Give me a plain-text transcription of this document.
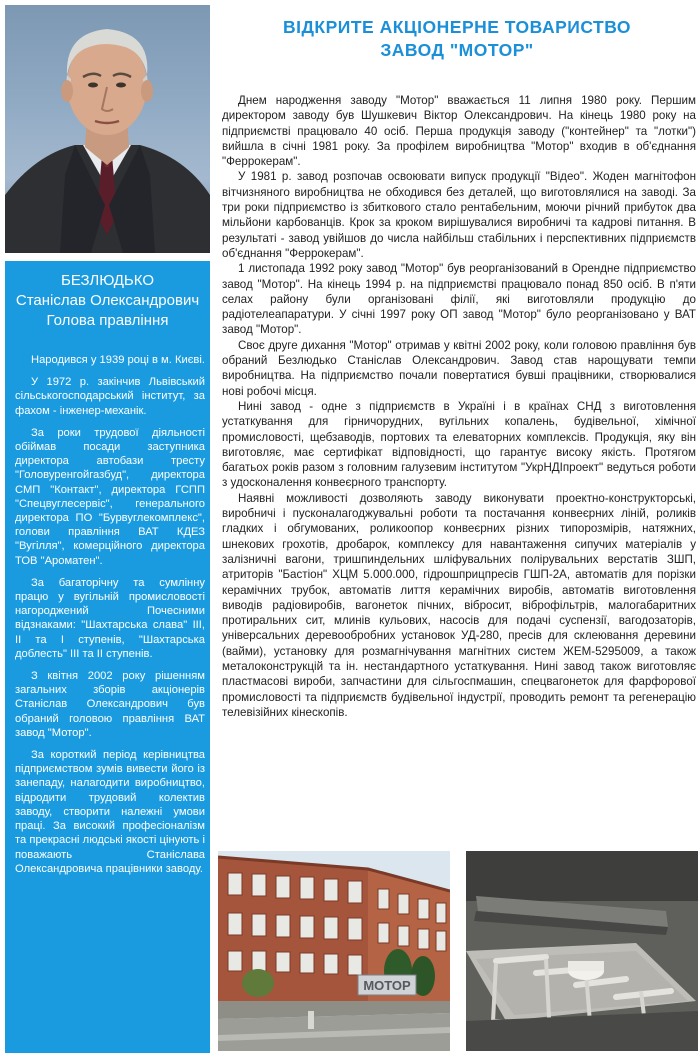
БЕЗЛЮДЬКО
Станіслав Олександрович
Голова правління

Народився у 1939 році в м. Києві.

У 1972 р. закінчив Львівський сільськогосподарський інститут, за фахом - інженер-механік.

За роки трудової діяльності обіймав посади заступника директора автобази тресту "Головуренгойгазбуд", директора СМП "Контакт", директора ГСПП "Спецвуглесервіс", генерального директора ПО "Бурвуглекомплекс", голови правління ВАТ КДЕЗ "Вугілля", комерційного директора ТОВ "Ароматен".

За багаторічну та сумлінну працю у вугільній промисловості нагороджений Почесними відзнаками: "Шахтарська слава" III, II та I ступенів, "Шахтарська доблесть" III та II ступенів.

З квітня 2002 року рішенням загальних зборів акціонерів Станіслав Олександрович був обраний головою правління ВАТ завод "Мотор".

За короткий період керівництва підприємством зумів вивести його із занепаду, налагодити виробництво, відродити трудовий колектив заводу, створити належні умови праці. За високий професіоналізм та прекрасні людські якості цінують і поважають Станіслава Олександровича працівники заводу.

ВІДКРИТЕ АКЦІОНЕРНЕ ТОВАРИСТВО
ЗАВОД "МОТОР"

Днем народження заводу "Мотор" вважається 11 липня 1980 року. Першим директором заводу був Шушкевич Віктор Олександрович. На кінець 1980 року на підприємстві працювало 40 осіб. Перша продукція заводу ("контейнер" та "лотки") вийшла в січні 1981 року. За профілем виробництва "Мотор" входив в об'єднання "Феррокерам".

У 1981 р. завод розпочав освоювати випуск продукції "Відео". Жоден магнітофон вітчизняного виробництва не обходився без деталей, що виготовлялися на заводі. За три роки підприємство із збиткового стало рентабельним, моючи річний прибуток два мільйони карбованців. Крок за кроком вирішувалися виробничі та кадрові питання. В результаті - завод увійшов до числа найбільш стабільних і перспективних підприємств об'єднання "Феррокерам".

1 листопада 1992 року завод "Мотор" був реорганізований в Орендне підприємство завод "Мотор". На кінець 1994 р. на підприємстві працювало понад 850 осіб. В п'яти селах району були організовані філії, які виготовляли продукцію до радіотелеапаратури. У січні 1997 року ОП завод "Мотор" було реорганізовано у ВАТ завод "Мотор".

Своє друге дихання "Мотор" отримав у квітні 2002 року, коли головою правління був обраний Безлюдько Станіслав Олександрович. Завод став нарощувати темпи виробництва. На підприємство почали повертатися бувші працівники, створювалися нові робочі місця.

Нині завод - одне з підприємств в Україні і в країнах СНД з виготовлення устаткування для гірничорудних, вугільних копалень, будівельної, хімічної промисловості, щебзаводів, портових та елеваторних комплексів. Продукція, яку він виготовляє, має сертифікат відповідності, що гарантує високу якість. Протягом багатьох років разом з головним галузевим інститутом "УкрНДІпроект" ведуться роботи з удосконалення конвеєрного транспорту.

Наявні можливості дозволяють заводу виконувати проектно-конструкторські, виробничі і пусконалагоджувальні роботи та постачання конвеєрних ліній, роликів гладких і обгумованих, роликоопор конвеєрних різних типорозмірів, натяжних, шнекових грохотів, дробарок, комплексу для навантаження сипучих матеріалів у залізничні вагони, тришпиндельних шліфувальних полірувальних верстатів ЗШП, атриторів "Бастіон" ХЦМ 5.000.000, гідрошприцпресів ГШП-2А, автоматів для порізки керамічних трубок, автоматів лиття керамічних виробів, автоматів виготовлення виводів радіовиробів, вагонеток пічних, вібросит, віброфільтрів, малогабаритних протиральних сит, млинів кульових, насосів для подачі суспензії, вагодозаторів, універсальних деревообробних установок УД-280, пресів для склеювання деревини (вайми), установку для розмагнічування магнітних систем ЖЕМ-5295009, а також металоконструкцій та ін. нестандартного устаткування. Нині завод також виготовляє пластмасові вироби, запчастини для сільгоспмашин, спецвагонеток для фарфорової промисловості та підприємств будівельної індустрії, проводить ремонт та регенерацію телевізійних кінескопів.

МОТОР
